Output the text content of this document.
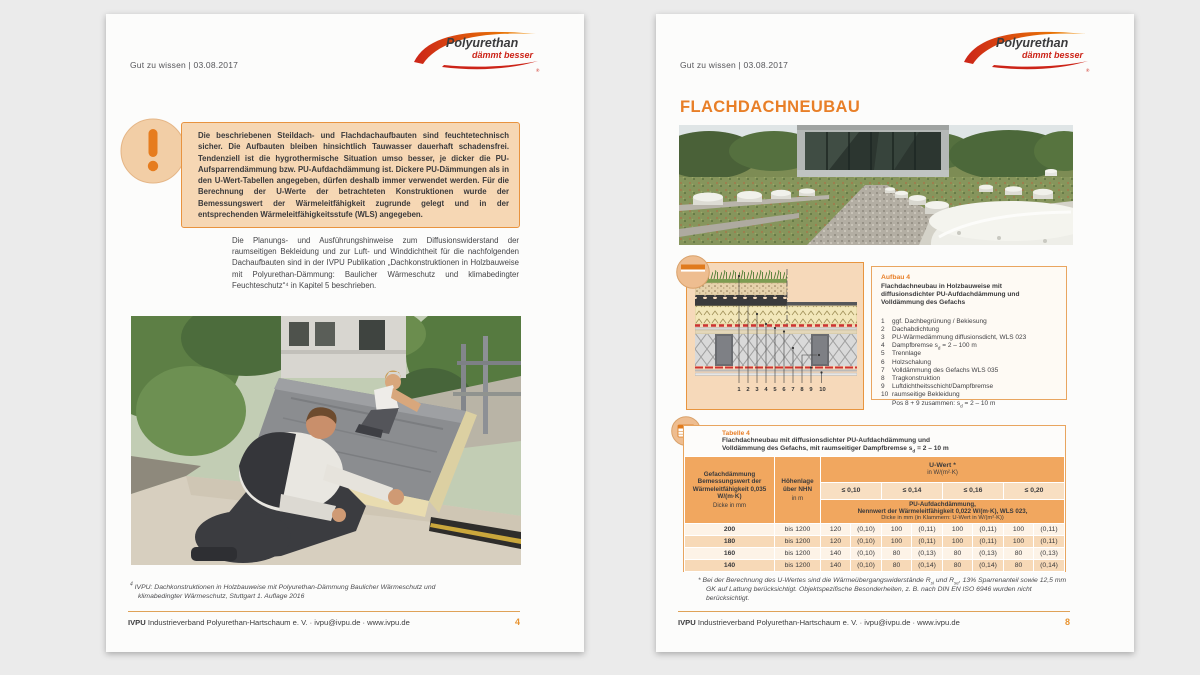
Gut zu wissen | 03.08.2017
Polyurethan
dämmt besser
®

Die beschriebenen Steildach- und Flachdachaufbauten sind feuchtetechnisch sicher. Die Aufbauten bleiben hinsichtlich Tauwasser dauerhaft schadensfrei. Tendenziell ist die hygrothermische Situation umso besser, je dicker die PU-Aufsparrendämmung bzw. PU-Aufdachdämmung ist. Dickere PU-Dämmungen als in den U-Wert-Tabellen angegeben, dürfen deshalb immer verwendet werden. Für die Berechnung der U-Werte der betrachteten Konstruktionen wurde der Bemessungswert der Wärmeleitfähigkeit zugrunde gelegt und in der entsprechenden Wärmeleitfähigkeitsstufe (WLS) angegeben.

Die Planungs- und Ausführungshinweise zum Diffusionswiderstand der raumseitigen Bekleidung und zur Luft- und Winddichtheit für die nachfolgenden Dachaufbauten sind in der IVPU Publikation „Dachkonstruktionen in Holzbauweise mit Polyurethan-Dämmung: Baulicher Wärmeschutz und klimabedingter Feuchteschutz“⁴ in Kapitel 5 beschrieben.
$^4$ IVPU: Dachkonstruktionen in Holzbauweise mit Polyurethan-Dämmung Baulicher Wärmeschutz und klimabedingter Wärmeschutz, Stuttgart 1. Auflage 2016
IVPU Industrieverband Polyurethan-Hartschaum e. V. · ivpu@ivpu.de · www.ivpu.de	4
Gut zu wissen | 03.08.2017
Polyurethan
dämmt besser
®
FLACHDACHNEUBAU
1 2 3 4 5 6 7 8 9 10
Aufbau 4
Flachdachneubau in Holzbauweise mit diffusionsdichter PU-Aufdachdämmung und Volldämmung des Gefachs
1	ggf. Dachbegrünung / Bekiesung
2	Dachabdichtung
3	PU-Wärmedämmung diffusionsdicht, WLS 023
4	Dampfbremse $s_d = 2 - 100$ m
5	Trennlage
6	Holzschalung
7	Volldämmung des Gefachs WLS 035
8	Tragkonstruktion
9	Luftdichtheitsschicht/Dampfbremse
10 raumseitige Bekleidung
Pos 8 + 9 zusammen: $s_d = 2 - 10$ m
Tabelle 4
Flachdachneubau mit diffusionsdichter PU-Aufdachdämmung und
Volldämmung des Gefachs, mit raumseitiger Dampfbremse $s_d = 2 - 10$ m
Gefachdämmung Bemessungswert der Wärmeleitfähigkeit 0,035 W/(m·K)
Dicke in mm

Höhenlage über NHN
in m

U-Wert *
in W/(m²·K)

		≤ 0,10		≤ 0,14		≤ 0,16		≤ 0,20	

		PU-Aufdachdämmung,
Nennwert der Wärmeleitfähigkeit 0,022 W/(m·K), WLS 023,
Dicke in mm (in Klammern: U-Wert in W/(m²·K))							

200	bis 1200	120	(0,10)	100	(0,11)	100	(0,11)	100	(0,11)
180	bis 1200	120	(0,10)	100	(0,11)	100	(0,11)	100	(0,11)
160	bis 1200	140	(0,10)	80	(0,13)	80	(0,13)	80	(0,13)
140	bis 1200	140	(0,10)	80	(0,14)	80	(0,14)	80	(0,14)
* Bei der Berechnung des U-Wertes sind die Wärmeübergangswiderstände $R_{si}$ und $R_{se}$, 13% Sparrenanteil sowie 12,5 mm GK auf Lattung berücksichtigt. Objektspezifische Besonderheiten, z. B. nach DIN EN ISO 6946 wurden nicht berücksichtigt.
IVPU Industrieverband Polyurethan-Hartschaum e. V. · ivpu@ivpu.de · www.ivpu.de	8
